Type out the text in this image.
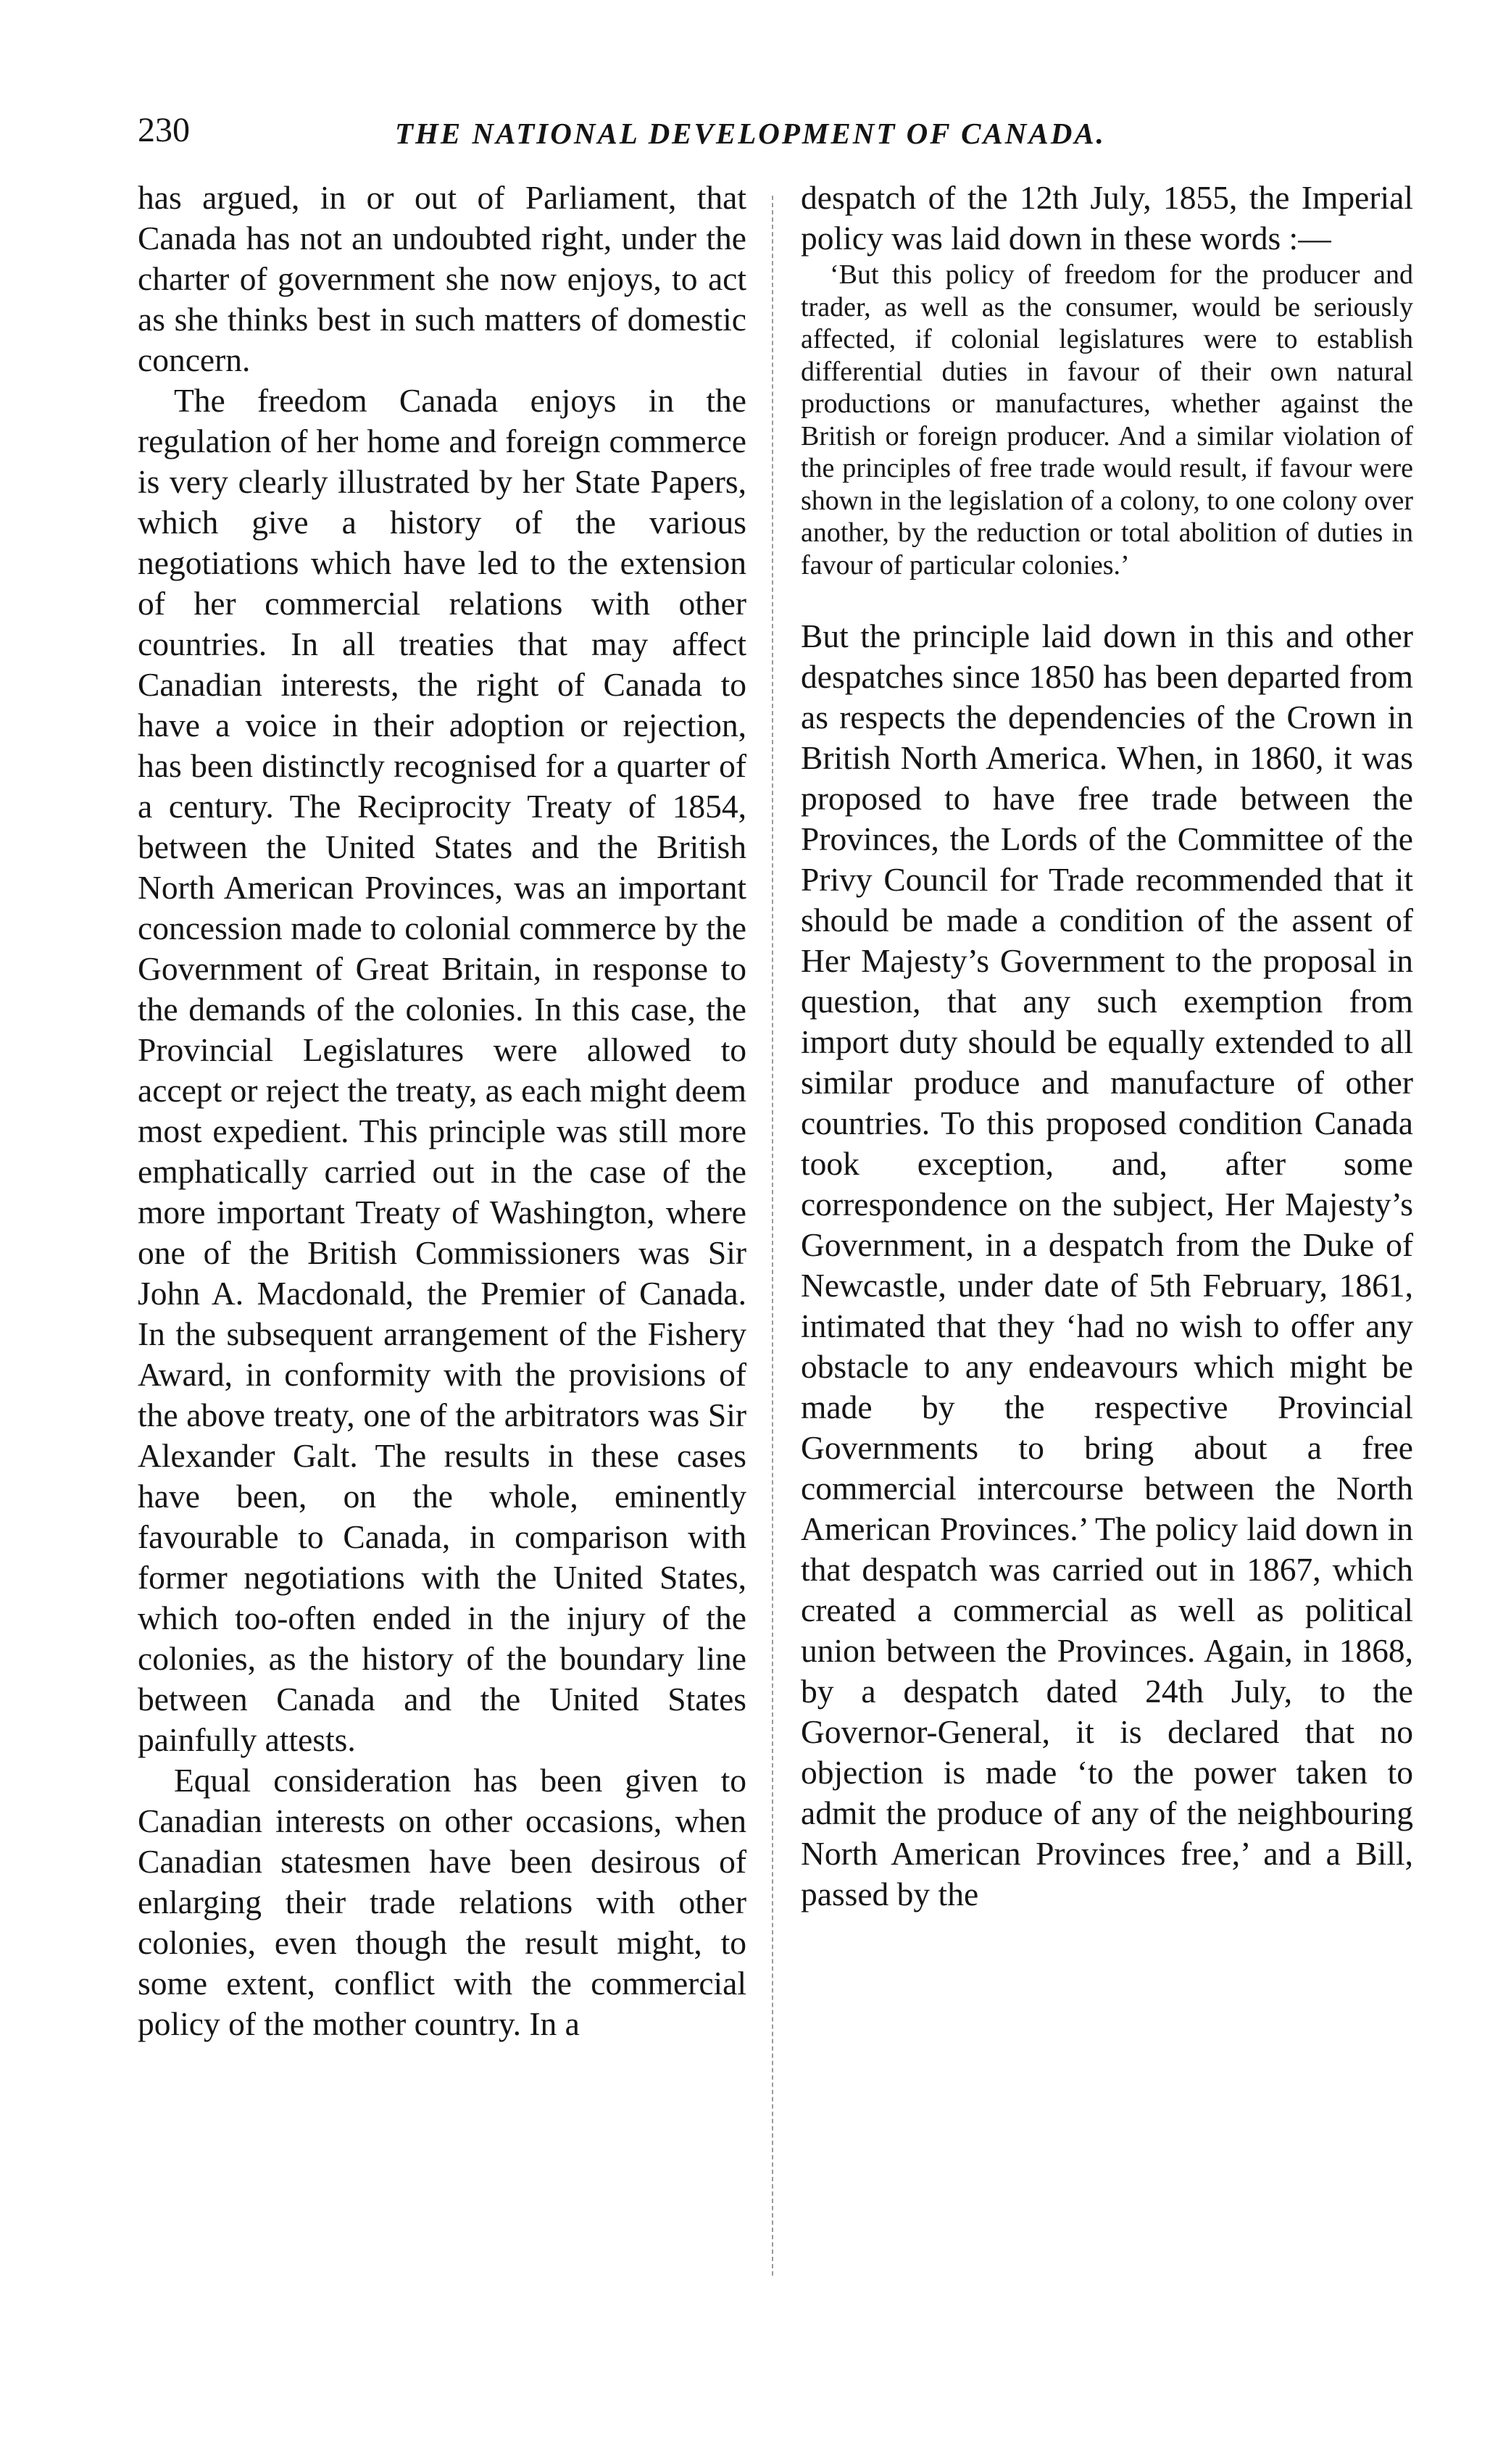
230	THE NATIONAL DEVELOPMENT OF CANADA.

has argued, in or out of Parliament, that Canada has not an undoubted right, under the charter of government she now enjoys, to act as she thinks best in such matters of domestic concern.

The freedom Canada enjoys in the regulation of her home and foreign commerce is very clearly illustrated by her State Papers, which give a history of the various negotiations which have led to the extension of her commercial relations with other countries. In all treaties that may affect Canadian interests, the right of Canada to have a voice in their adoption or rejection, has been distinctly recognised for a quarter of a century. The Reciprocity Treaty of 1854, between the United States and the British North American Provinces, was an important concession made to colonial commerce by the Government of Great Britain, in response to the demands of the colonies. In this case, the Provincial Legislatures were allowed to accept or reject the treaty, as each might deem most expedient. This principle was still more emphatically carried out in the case of the more important Treaty of Washington, where one of the British Commissioners was Sir John A. Macdonald, the Premier of Canada. In the subsequent arrangement of the Fishery Award, in conformity with the provisions of the above treaty, one of the arbitrators was Sir Alexander Galt. The results in these cases have been, on the whole, eminently favourable to Canada, in comparison with former negotiations with the United States, which too-often ended in the injury of the colonies, as the history of the boundary line between Canada and the United States painfully attests.

Equal consideration has been given to Canadian interests on other occasions, when Canadian statesmen have been desirous of enlarging their trade relations with other colonies, even though the result might, to some extent, conflict with the commercial policy of the mother country. In a

despatch of the 12th July, 1855, the Imperial policy was laid down in these words :—

‘But this policy of freedom for the producer and trader, as well as the consumer, would be seriously affected, if colonial legislatures were to establish differential duties in favour of their own natural productions or manufactures, whether against the British or foreign producer. And a similar violation of the principles of free trade would result, if favour were shown in the legislation of a colony, to one colony over another, by the reduction or total abolition of duties in favour of particular colonies.’

But the principle laid down in this and other despatches since 1850 has been departed from as respects the dependencies of the Crown in British North America. When, in 1860, it was proposed to have free trade between the Provinces, the Lords of the Committee of the Privy Council for Trade recommended that it should be made a condition of the assent of Her Majesty’s Government to the proposal in question, that any such exemption from import duty should be equally extended to all similar produce and manufacture of other countries. To this proposed condition Canada took exception, and, after some correspondence on the subject, Her Majesty’s Government, in a despatch from the Duke of Newcastle, under date of 5th February, 1861, intimated that they ‘had no wish to offer any obstacle to any endeavours which might be made by the respective Provincial Governments to bring about a free commercial intercourse between the North American Provinces.’ The policy laid down in that despatch was carried out in 1867, which created a commercial as well as political union between the Provinces. Again, in 1868, by a despatch dated 24th July, to the Governor-General, it is declared that no objection is made ‘to the power taken to admit the produce of any of the neighbouring North American Provinces free,’ and a Bill, passed by the
